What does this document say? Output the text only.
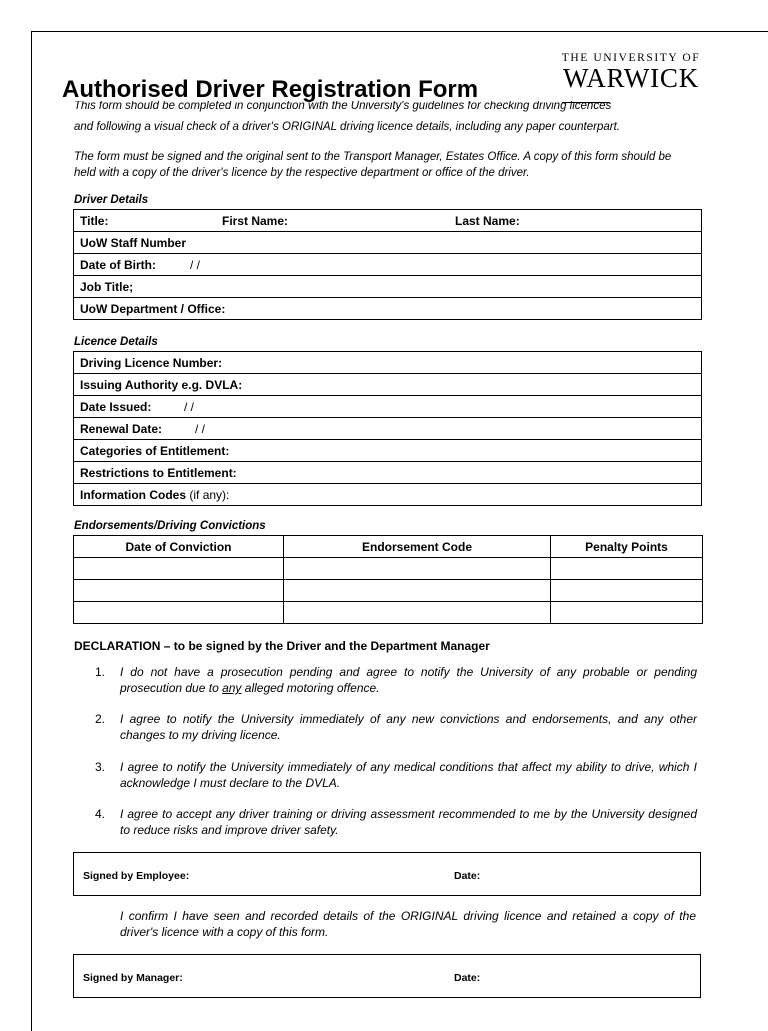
Authorised Driver Registration Form
THE UNIVERSITY OF
WARWICK
This form should be completed in conjunction with the University's guidelines for checking driving licences
and following a visual check of a driver's ORIGINAL driving licence details, including any paper counterpart.
The form must be signed and the original sent to the Transport Manager, Estates Office. A copy of this form should be held with a copy of the driver's licence by the respective department or office of the driver.
Driver Details
Title:	First Name:	Last Name:
UoW Staff Number
Date of Birth:	/ /
Job Title;
UoW Department / Office:
Licence Details
Driving Licence Number:
Issuing Authority e.g. DVLA:
Date Issued:	/ /
Renewal Date:	/ /
Categories of Entitlement:
Restrictions to Entitlement:
Information Codes (if any):
Endorsements/Driving Convictions
Date of Conviction	Endorsement Code	Penalty Points

DECLARATION – to be signed by the Driver and the Department Manager
1. I do not have a prosecution pending and agree to notify the University of any probable or pending prosecution due to any alleged motoring offence.
2. I agree to notify the University immediately of any new convictions and endorsements, and any other changes to my driving licence.
3. I agree to notify the University immediately of any medical conditions that affect my ability to drive, which I acknowledge I must declare to the DVLA.
4. I agree to accept any driver training or driving assessment recommended to me by the University designed to reduce risks and improve driver safety.
Signed by Employee:	Date:
I confirm I have seen and recorded details of the ORIGINAL driving licence and retained a copy of the driver's licence with a copy of this form.
Signed by Manager:	Date:
